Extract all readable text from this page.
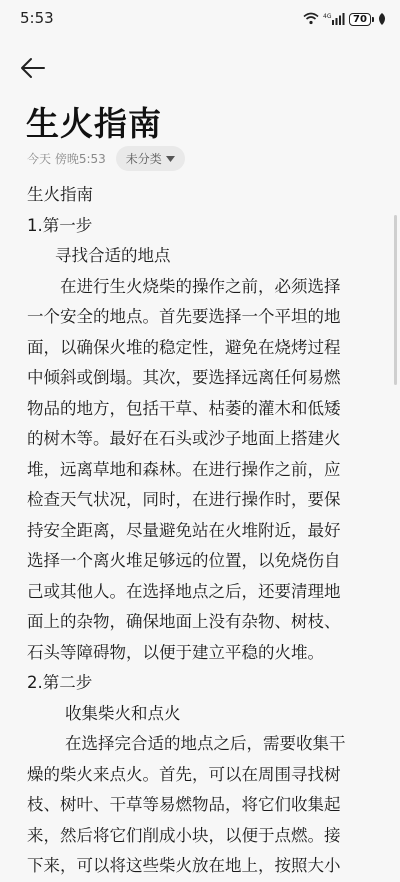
5:53	4G	70
生火指南
今天 傍晚5:53 未分类
生火指南
1.第一步
寻找合适的地点
在进行生火烧柴的操作之前，必须选择
一个安全的地点。首先要选择一个平坦的地
面，以确保火堆的稳定性，避免在烧烤过程
中倾斜或倒塌。其次，要选择远离任何易燃
物品的地方，包括干草、枯萎的灌木和低矮
的树木等。最好在石头或沙子地面上搭建火
堆，远离草地和森林。在进行操作之前，应
检查天气状况，同时，在进行操作时，要保
持安全距离，尽量避免站在火堆附近，最好
选择一个离火堆足够远的位置，以免烧伤自
己或其他人。在选择地点之后，还要清理地
面上的杂物，确保地面上没有杂物、树枝、
石头等障碍物，以便于建立平稳的火堆。
2.第二步
收集柴火和点火
在选择完合适的地点之后，需要收集干
燥的柴火来点火。首先，可以在周围寻找树
枝、树叶、干草等易燃物品，将它们收集起
来，然后将它们削成小块，以便于点燃。接
下来，可以将这些柴火放在地上，按照大小
